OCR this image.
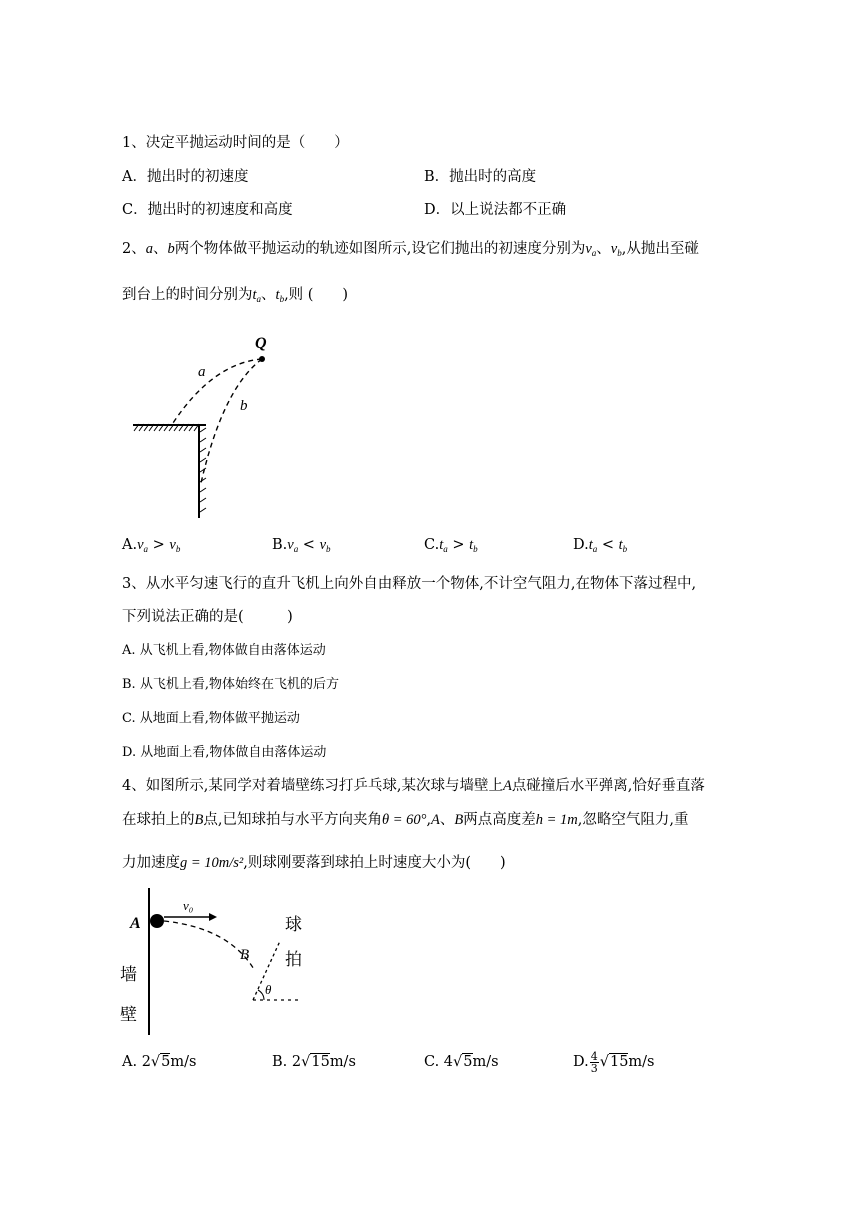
1、决定平抛运动时间的是（　　）
A．抛出时的初速度	B．抛出时的高度
C．抛出时的初速度和高度	D．以上说法都不正确
2、a、b两个物体做平抛运动的轨迹如图所示,设它们抛出的初速度分别为$v_a$、$v_b$,从抛出至碰
到台上的时间分别为$t_a$、$t_b$,则 (　　)
Q
a
b
$A.v_a > v_b$	$B.v_a < v_b$	$C.t_a > t_b$	$D.t_a < t_b$
3、从水平匀速飞行的直升飞机上向外自由释放一个物体,不计空气阻力,在物体下落过程中,
下列说法正确的是(　　　)
A. 从飞机上看,物体做自由落体运动
B. 从飞机上看,物体始终在飞机的后方
C. 从地面上看,物体做平抛运动
D. 从地面上看,物体做自由落体运动
4、如图所示,某同学对着墙壁练习打乒乓球,某次球与墙壁上A点碰撞后水平弹离,恰好垂直落
在球拍上的B点,已知球拍与水平方向夹角θ = 60°,A、B两点高度差h = 1m,忽略空气阻力,重
力加速度g = 10m/s²,则球刚要落到球拍上时速度大小为(　　)
A
v₀
B
θ
墙
壁
球
拍
A. 2√5m/s	B. 2√15m/s	C. 4√5m/s	D. $\frac{4}{3} √15m/s$
